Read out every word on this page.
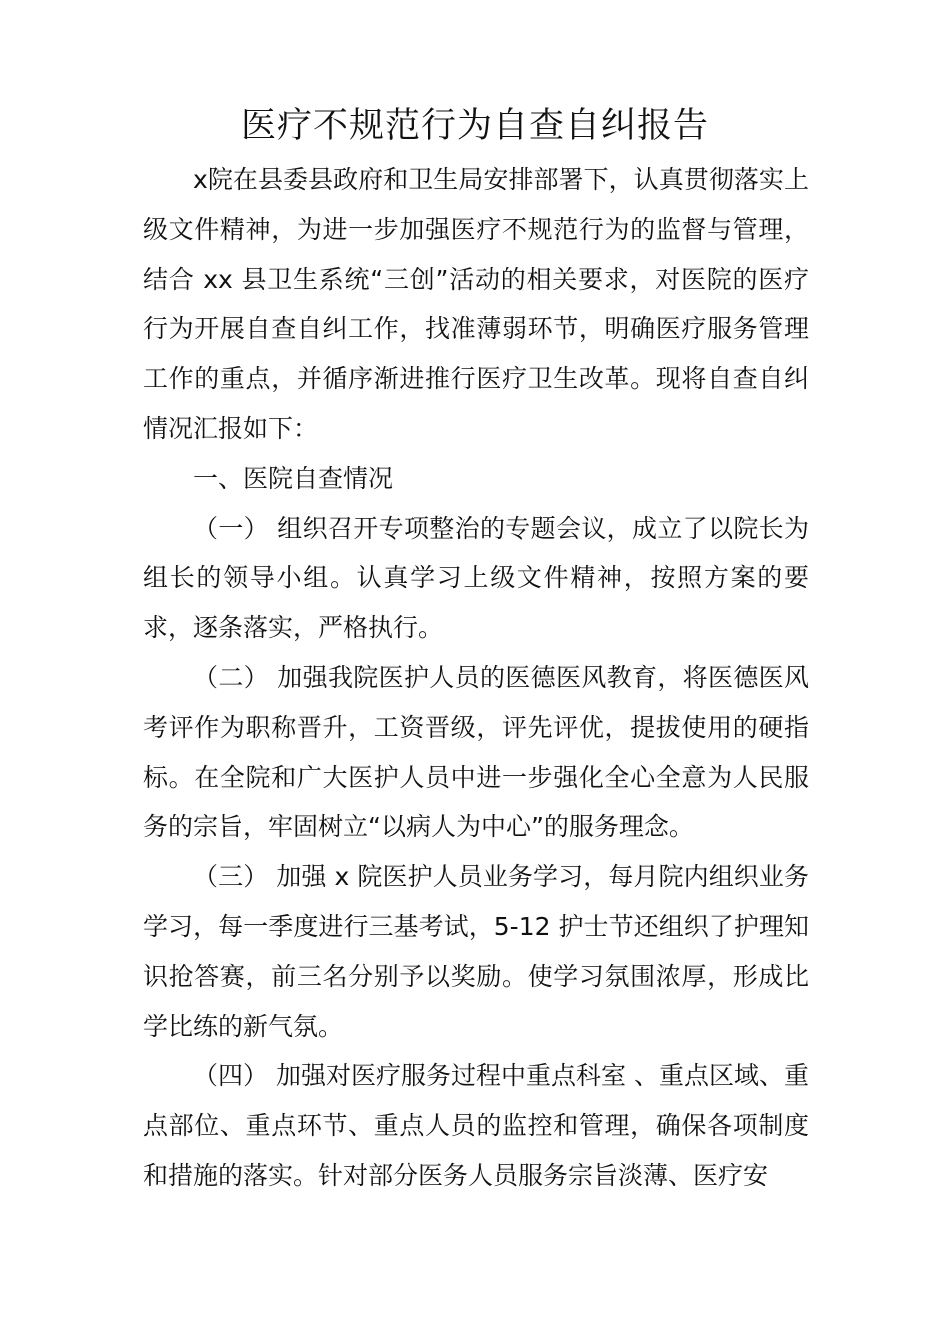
医疗不规范行为自查自纠报告

x院在县委县政府和卫生局安排部署下，认真贯彻落实上级文件精神，为进一步加强医疗不规范行为的监督与管理，结合 xx 县卫生系统“三创”活动的相关要求，对医院的医疗行为开展自查自纠工作，找准薄弱环节，明确医疗服务管理工作的重点，并循序渐进推行医疗卫生改革。现将自查自纠情况汇报如下：

一、医院自查情况

（一） 组织召开专项整治的专题会议，成立了以院长为组长的领导小组。认真学习上级文件精神，按照方案的要求，逐条落实，严格执行。

（二） 加强我院医护人员的医德医风教育，将医德医风考评作为职称晋升，工资晋级，评先评优，提拔使用的硬指标。在全院和广大医护人员中进一步强化全心全意为人民服务的宗旨，牢固树立“以病人为中心”的服务理念。

（三） 加强 x 院医护人员业务学习，每月院内组织业务学习，每一季度进行三基考试，5-12 护士节还组织了护理知识抢答赛，前三名分别予以奖励。使学习氛围浓厚，形成比学比练的新气氛。

（四） 加强对医疗服务过程中重点科室 、重点区域、重点部位、重点环节、重点人员的监控和管理，确保各项制度和措施的落实。针对部分医务人员服务宗旨淡薄、医疗安
